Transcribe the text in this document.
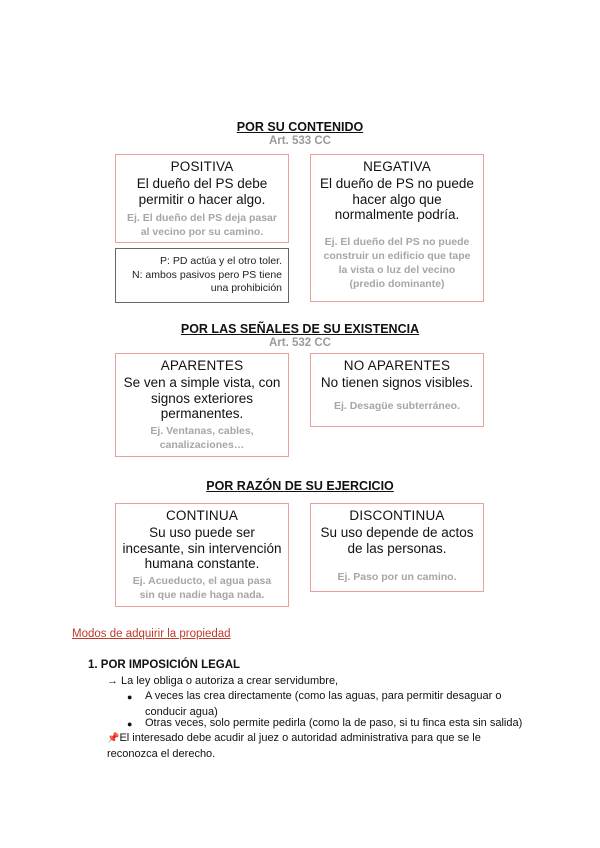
POR SU CONTENIDO
Art. 533 CC
POSITIVA
El dueño del PS debe
permitir o hacer algo.
Ej. El dueño del PS deja pasar
al vecino por su camino.
P: PD actúa y el otro toler.
N: ambos pasivos pero PS tiene
una prohibición
NEGATIVA
El dueño de PS no puede
hacer algo que
normalmente podría.
Ej. El dueño del PS no puede
construir un edificio que tape
la vista o luz del vecino
(predio dominante)
POR LAS SEÑALES DE SU EXISTENCIA
Art. 532 CC
APARENTES
Se ven a simple vista, con
signos exteriores
permanentes.
Ej. Ventanas, cables,
canalizaciones…
NO APARENTES
No tienen signos visibles.
Ej. Desagüe subterráneo.
POR RAZÓN DE SU EJERCICIO
CONTINUA
Su uso puede ser
incesante, sin intervención
humana constante.
Ej. Acueducto, el agua pasa
sin que nadie haga nada.
DISCONTINUA
Su uso depende de actos
de las personas.
Ej. Paso por un camino.
Modos de adquirir la propiedad
1. POR IMPOSICIÓN LEGAL
→ La ley obliga o autoriza a crear servidumbre,
● A veces las crea directamente (como las aguas, para permitir desaguar o
conducir agua)
● Otras veces, solo permite pedirla (como la de paso, si tu finca esta sin salida)
📌El interesado debe acudir al juez o autoridad administrativa para que se le
reconozca el derecho.
